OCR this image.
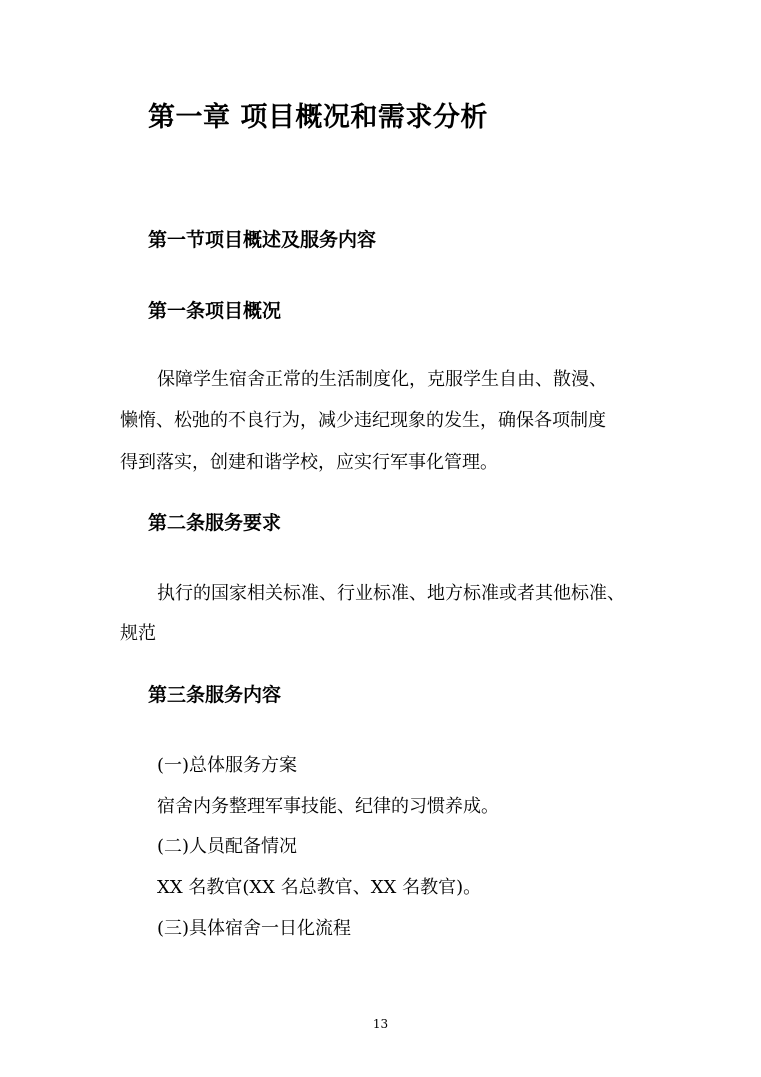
第一章 项目概况和需求分析
第一节项目概述及服务内容
第一条项目概况

保障学生宿舍正常的生活制度化，克服学生自由、散漫、

懒惰、松弛的不良行为，减少违纪现象的发生，确保各项制度

得到落实，创建和谐学校，应实行军事化管理。

第二条服务要求

执行的国家相关标准、行业标准、地方标准或者其他标准、

规范

第三条服务内容

(一)总体服务方案

宿舍内务整理军事技能、纪律的习惯养成。

(二)人员配备情况

XX 名教官(XX 名总教官、XX 名教官)。

(三)具体宿舍一日化流程

13
